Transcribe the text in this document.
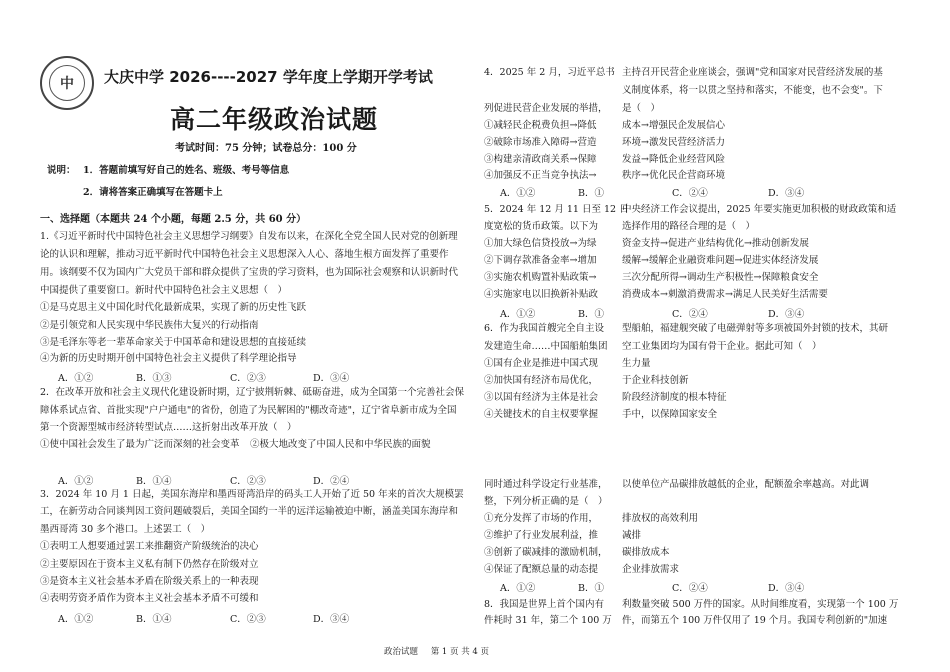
中	大庆中学 2026----2027 学年度上学期开学考试
高二年级政治试题
考试时间：75 分钟；试卷总分：100 分
说明： 1．答题前填写好自己的姓名、班级、考号等信息
2．请将答案正确填写在答题卡上
一、选择题（本题共 24 个小题，每题 2.5 分，共 60 分）
1.《习近平新时代中国特色社会主义思想学习纲要》自发布以来，在深化全党全国人民对党的创新理
论的认识和理解，推动习近平新时代中国特色社会主义思想深入人心、落地生根方面发挥了重要作
用。该纲要不仅为国内广大党员干部和群众提供了宝贵的学习资料，也为国际社会观察和认识新时代
中国提供了重要窗口。新时代中国特色社会主义思想（　）
①是马克思主义中国化时代化最新成果，实现了新的历史性飞跃
②是引领党和人民实现中华民族伟大复兴的行动指南
③是毛泽东等老一辈革命家关于中国革命和建设思想的直接延续
④为新的历史时期开创中国特色社会主义提供了科学理论指导
A．①②	B．①③	C．②③	D．③④
2．在改革开放和社会主义现代化建设新时期，辽宁披荆斩棘、砥砺奋进，成为全国第一个完善社会保
障体系试点省、首批实现"户户通电"的省份，创造了为民解困的"棚改奇迹"，辽宁省阜新市成为全国
第一个资源型城市经济转型试点……这折射出改革开放（　）
①使中国社会发生了最为广泛而深刻的社会变革 ②极大地改变了中国人民和中华民族的面貌
A．①②	B．①④	C．②③	D．②④
3．2024 年 10 月 1 日起，美国东海岸和墨西哥湾沿岸的码头工人开始了近 50 年来的首次大规模罢
工，在新劳动合同谈判因工资问题破裂后，美国全国约一半的远洋运输被迫中断，涵盖美国东海岸和
墨西哥湾 30 多个港口。上述罢工（　）
①表明工人想要通过罢工来推翻资产阶级统治的决心
②主要原因在于资本主义私有制下仍然存在阶级对立
③是资本主义社会基本矛盾在阶级关系上的一种表现
④表明劳资矛盾作为资本主义社会基本矛盾不可缓和
A．①②	B．①④	C．②③	D．③④
4．2025 年 2 月，习近平总书
列促进民营企业发展的举措，
①减轻民企税费负担→降低
②破除市场准入障碍→营造
③构建亲清政商关系→保障
④加强反不正当竞争执法→
A．①②	B．①
5．2024 年 12 月 11 日至 12 日
度宽松的货币政策。以下为
①加大绿色信贷投放→为绿
②下调存款准备金率→增加
③实施农机购置补贴政策→
④实施家电以旧换新补贴政
A．①②	B．①
6．作为我国首艘完全自主设
发建造生命……中国船舶集团
①国有企业是推进中国式现
②加快国有经济布局优化，
③以国有经济为主体是社会
④关键技术的自主权要掌握
同时通过科学设定行业基准，
整，下列分析正确的是（　）
①充分发挥了市场的作用，
②维护了行业发展利益，推
③创新了碳减排的激励机制，
④保证了配额总量的动态提
A．①②	B．①
8．我国是世界上首个国内有
件耗时 31 年，第二个 100 万
主持召开民营企业座谈会，强调"党和国家对民营经济发展的基
义制度体系，将一以贯之坚持和落实，不能变，也不会变"。下
是（　）
成本→增强民企发展信心
环境→激发民营经济活力
发益→降低企业经营风险
秩序→优化民企营商环境
C．②④	D．③④
中央经济工作会议提出，2025 年要实施更加积极的财政政策和适
选择作用的路径合理的是（　）
资金支持→促进产业结构优化→推动创新发展
缓解→缓解企业融资难问题→促进实体经济发展
三次分配所得→调动生产积极性→保障粮食安全
消费成本→刺激消费需求→满足人民美好生活需要
C．②④	D．③④
型船舶，福建舰突破了电磁弹射等多项被国外封锁的技术，其研
空工业集团均为国有骨干企业。据此可知（　）
生力量
于企业科技创新
阶段经济制度的根本特征
手中，以保障国家安全
以使单位产品碳排放越低的企业，配额盈余率越高。对此调
排放权的高效利用
减排
碳排放成本
企业排放需求
C．②④	D．③④
利数量突破 500 万件的国家。从时间维度看，实现第一个 100 万
件，而第五个 100 万件仅用了 19 个月。我国专利创新的"加速
政治试题 第 1 页 共 4 页
